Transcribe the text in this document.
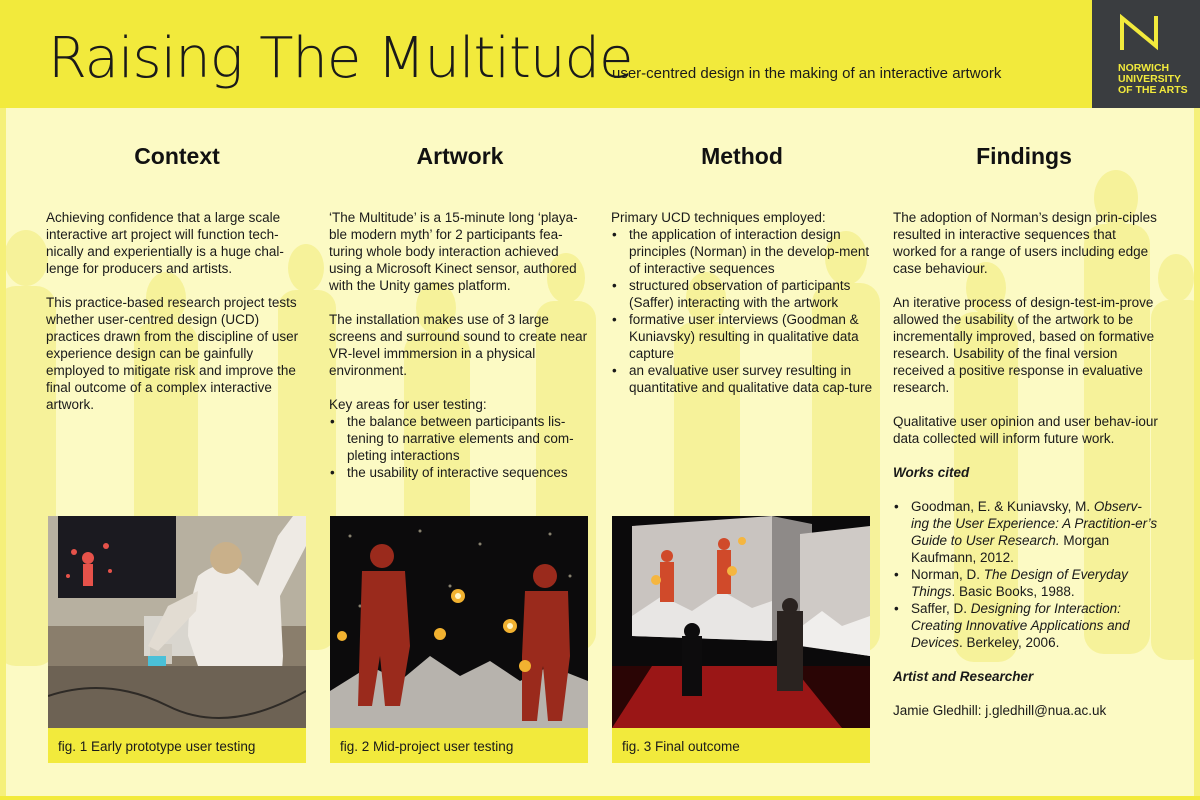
Raising The Multitude
user-centred design in the making of an interactive artwork	NORWICH
UNIVERSITY
OF THE ARTS
Context

Achieving confidence that a large scale interactive art project will function tech-nically and experientially is a huge chal-lenge for producers and artists.

This practice-based research project tests whether user-centred design (UCD) practices drawn from the discipline of user experience design can be gainfully employed to mitigate risk and improve the final outcome of a complex interactive artwork.

Artwork

‘The Multitude’ is a 15-minute long ‘playa-ble modern myth’ for 2 participants fea-turing whole body interaction achieved using a Microsoft Kinect sensor, authored with the Unity games platform.

The installation makes use of 3 large screens and surround sound to create near VR-level immmersion in a physical environment.

Key areas for user testing:

• the balance between participants lis-tening to narrative elements and com-pleting interactions
• the usability of interactive sequences
Method

Primary UCD techniques employed:

• the application of interaction design principles (Norman) in the develop-ment of interactive sequences
• structured observation of participants (Saffer) interacting with the artwork
• formative user interviews (Goodman & Kuniavsky) resulting in qualitative data capture
• an evaluative user survey resulting in quantitative and qualitative data cap-ture
Findings

The adoption of Norman’s design prin-ciples resulted in interactive sequences that worked for a range of users including edge case behaviour.

An iterative process of design-test-im-prove allowed the usability of the artwork to be incrementally improved, based on formative research. Usability of the final version received a positive response in evaluative research.

Qualitative user opinion and user behav-iour data collected will inform future work.

Works cited
• Goodman, E. & Kuniavsky, M. Observ-ing the User Experience: A Practition-er’s Guide to User Research. Morgan Kaufmann, 2012.
• Norman, D. The Design of Everyday Things. Basic Books, 1988.
• Saffer, D. Designing for Interaction: Creating Innovative Applications and Devices. Berkeley, 2006.
Artist and Researcher

Jamie Gledhill: j.gledhill@nua.ac.uk

fig. 1 Early prototype user testing	fig. 2 Mid-project user testing	fig. 3 Final outcome
